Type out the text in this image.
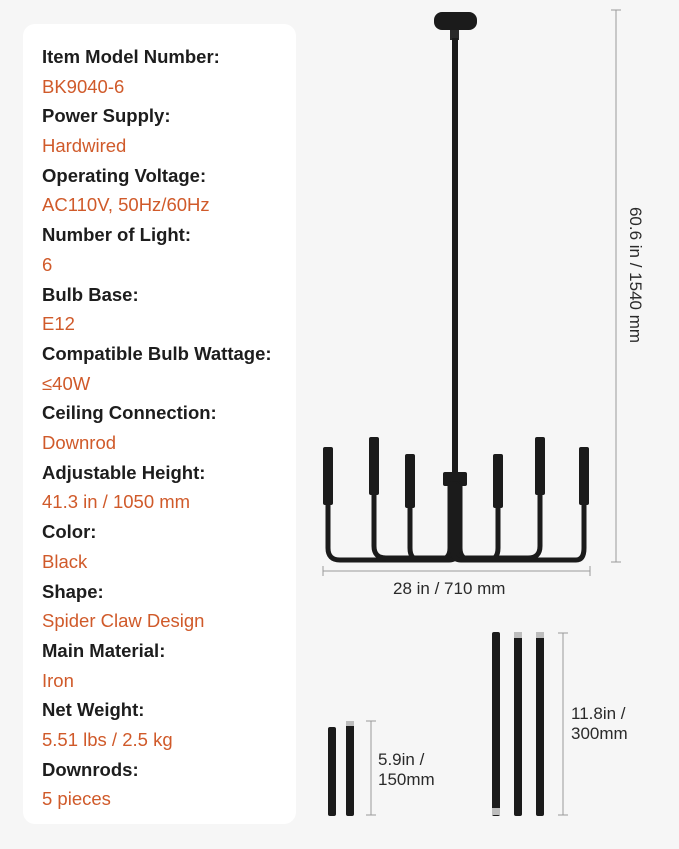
Item Model Number:
BK9040-6
Power Supply:
Hardwired
Operating Voltage:
AC110V, 50Hz/60Hz
Number of Light:
6
Bulb Base:
E12
Compatible Bulb Wattage:
≤40W
Ceiling Connection:
Downrod
Adjustable Height:
41.3 in / 1050 mm
Color:
Black
Shape:
Spider Claw Design
Main Material:
Iron
Net Weight:
5.51 lbs / 2.5 kg
Downrods:
5 pieces
60.6 in / 1540 mm
28 in / 710 mm
5.9in /
150mm
11.8in /
300mm
